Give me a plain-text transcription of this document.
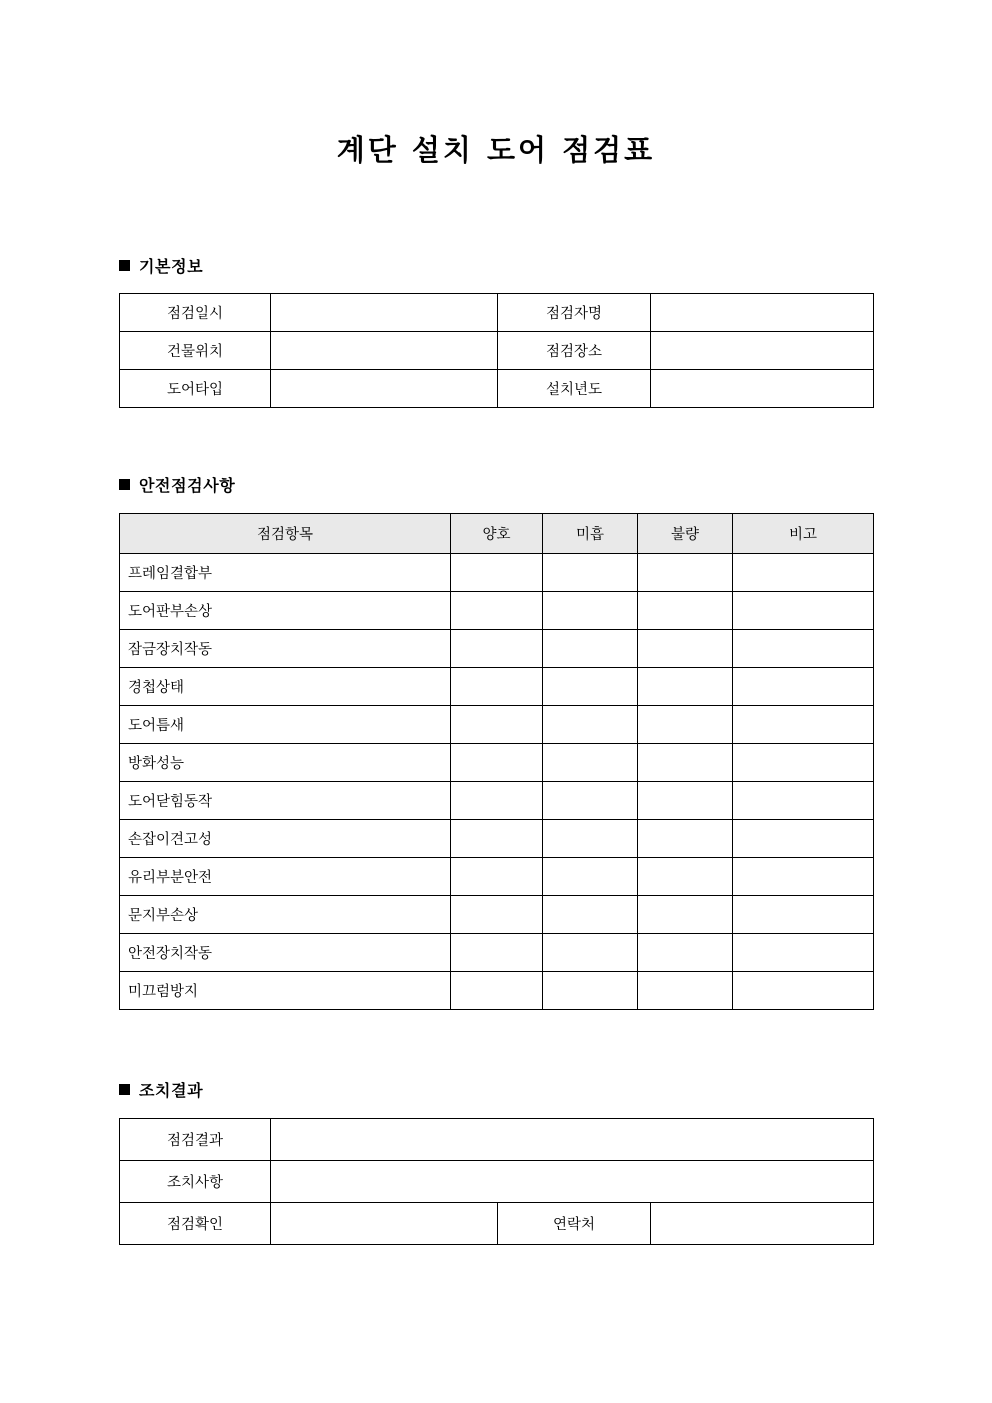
계단 설치 도어 점검표
기본정보
점검일시		점검자명	
건물위치		점검장소	
도어타입		설치년도	
안전점검사항
점검항목	양호	미흡	불량	비고
프레임결합부				
도어판부손상				
잠금장치작동				
경첩상태				
도어틈새				
방화성능				
도어닫힘동작				
손잡이견고성				
유리부분안전				
문지부손상				
안전장치작동				
미끄럼방지				
조치결과
점검결과			
조치사항			
점검확인		연락처	
